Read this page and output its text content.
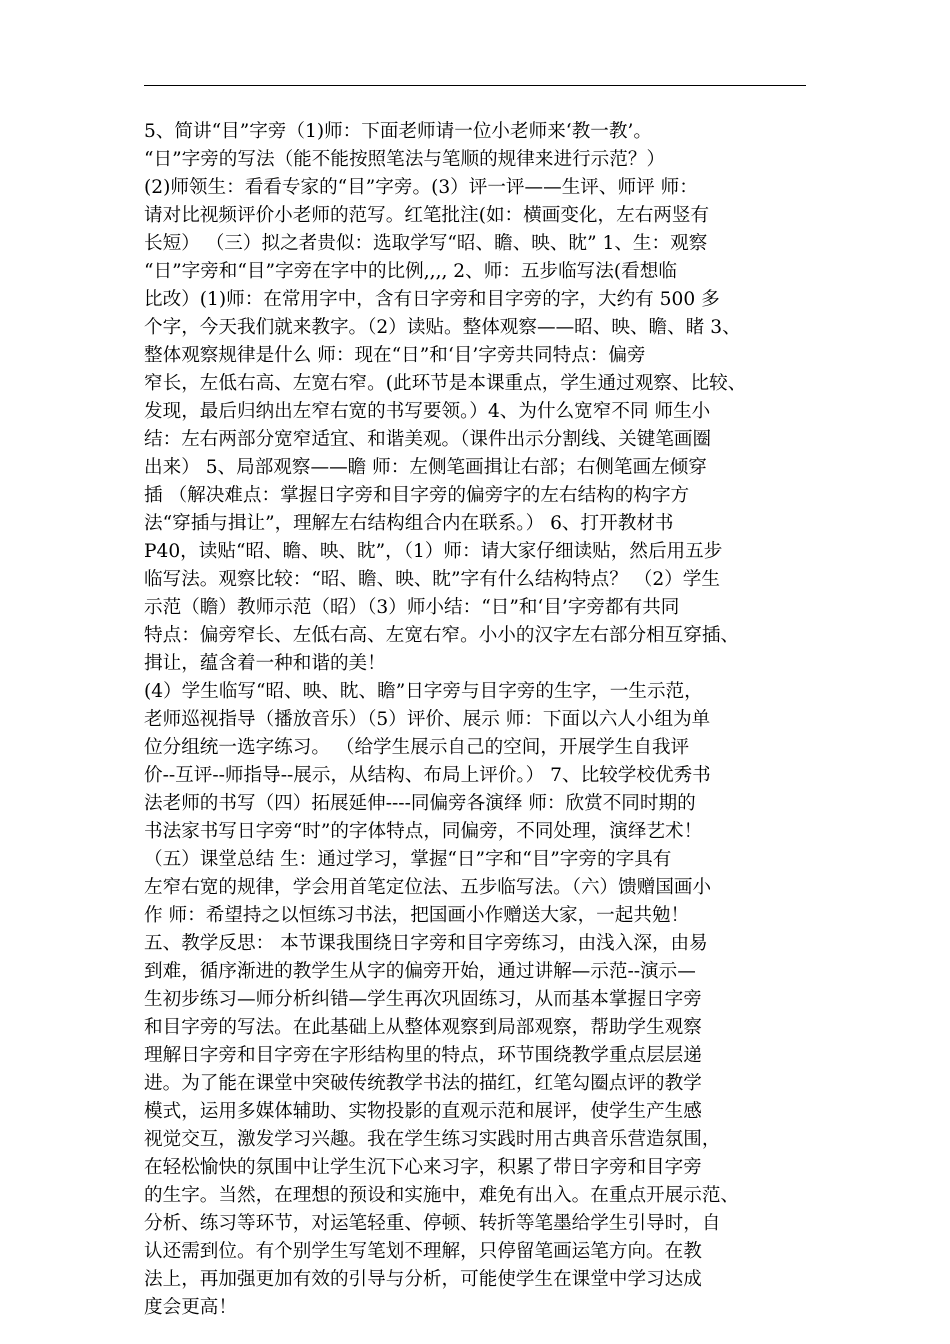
5、简讲“目”字旁（1)师：下面老师请一位小老师来‘教一教’。
“日”字旁的写法（能不能按照笔法与笔顺的规律来进行示范？）
(2)师领生：看看专家的“目”字旁。(3）评一评——生评、师评 师：
请对比视频评价小老师的范写。红笔批注(如：横画变化，左右两竖有
长短） （三）拟之者贵似：选取学写“昭、瞻、映、眈” 1、生：观察
“日”字旁和“目”字旁在字中的比例,,,, 2、师：五步临写法(看想临
比改）(1)师：在常用字中，含有日字旁和目字旁的字，大约有 500 多
个字，今天我们就来教字。（2）读贴。整体观察——昭、映、瞻、睹 3、
整体观察规律是什么 师：现在“日”和‘目’字旁共同特点：偏旁
窄长，左低右高、左宽右窄。(此环节是本课重点，学生通过观察、比较、
发现，最后归纳出左窄右宽的书写要领。）4、为什么宽窄不同 师生小
结：左右两部分宽窄适宜、和谐美观。（课件出示分割线、关键笔画圈
出来） 5、局部观察——瞻 师：左侧笔画揖让右部；右侧笔画左倾穿
插 （解决难点：掌握日字旁和目字旁的偏旁字的左右结构的构字方
法“穿插与揖让”，理解左右结构组合内在联系。） 6、打开教材书
P40，读贴“昭、瞻、映、眈”，（1）师：请大家仔细读贴，然后用五步
临写法。观察比较：“昭、瞻、映、眈”字有什么结构特点？ （2）学生
示范（瞻）教师示范（昭）（3）师小结：“日”和‘目’字旁都有共同
特点：偏旁窄长、左低右高、左宽右窄。小小的汉字左右部分相互穿插、
揖让，蕴含着一种和谐的美！
(4）学生临写“昭、映、眈、瞻”日字旁与目字旁的生字，一生示范，
老师巡视指导（播放音乐）（5）评价、展示 师：下面以六人小组为单
位分组统一选字练习。 （给学生展示自己的空间，开展学生自我评
价--互评--师指导--展示，从结构、布局上评价。） 7、比较学校优秀书
法老师的书写（四）拓展延伸----同偏旁各演绎 师：欣赏不同时期的
书法家书写日字旁“时”的字体特点，同偏旁，不同处理，演绎艺术！
（五）课堂总结 生：通过学习，掌握“日”字和“目”字旁的字具有
左窄右宽的规律，学会用首笔定位法、五步临写法。（六）馈赠国画小
作 师：希望持之以恒练习书法，把国画小作赠送大家，一起共勉！
五、教学反思： 本节课我围绕日字旁和目字旁练习，由浅入深，由易
到难，循序渐进的教学生从字的偏旁开始，通过讲解—示范--演示—
生初步练习—师分析纠错—学生再次巩固练习，从而基本掌握日字旁
和目字旁的写法。在此基础上从整体观察到局部观察，帮助学生观察
理解日字旁和目字旁在字形结构里的特点，环节围绕教学重点层层递
进。为了能在课堂中突破传统教学书法的描红，红笔勾圈点评的教学
模式，运用多媒体辅助、实物投影的直观示范和展评，使学生产生感
视觉交互，激发学习兴趣。我在学生练习实践时用古典音乐营造氛围，
在轻松愉快的氛围中让学生沉下心来习字，积累了带日字旁和目字旁
的生字。当然，在理想的预设和实施中，难免有出入。在重点开展示范、
分析、练习等环节，对运笔轻重、停顿、转折等笔墨给学生引导时，自
认还需到位。有个别学生写笔划不理解，只停留笔画运笔方向。在教
法上，再加强更加有效的引导与分析，可能使学生在课堂中学习达成
度会更高！
